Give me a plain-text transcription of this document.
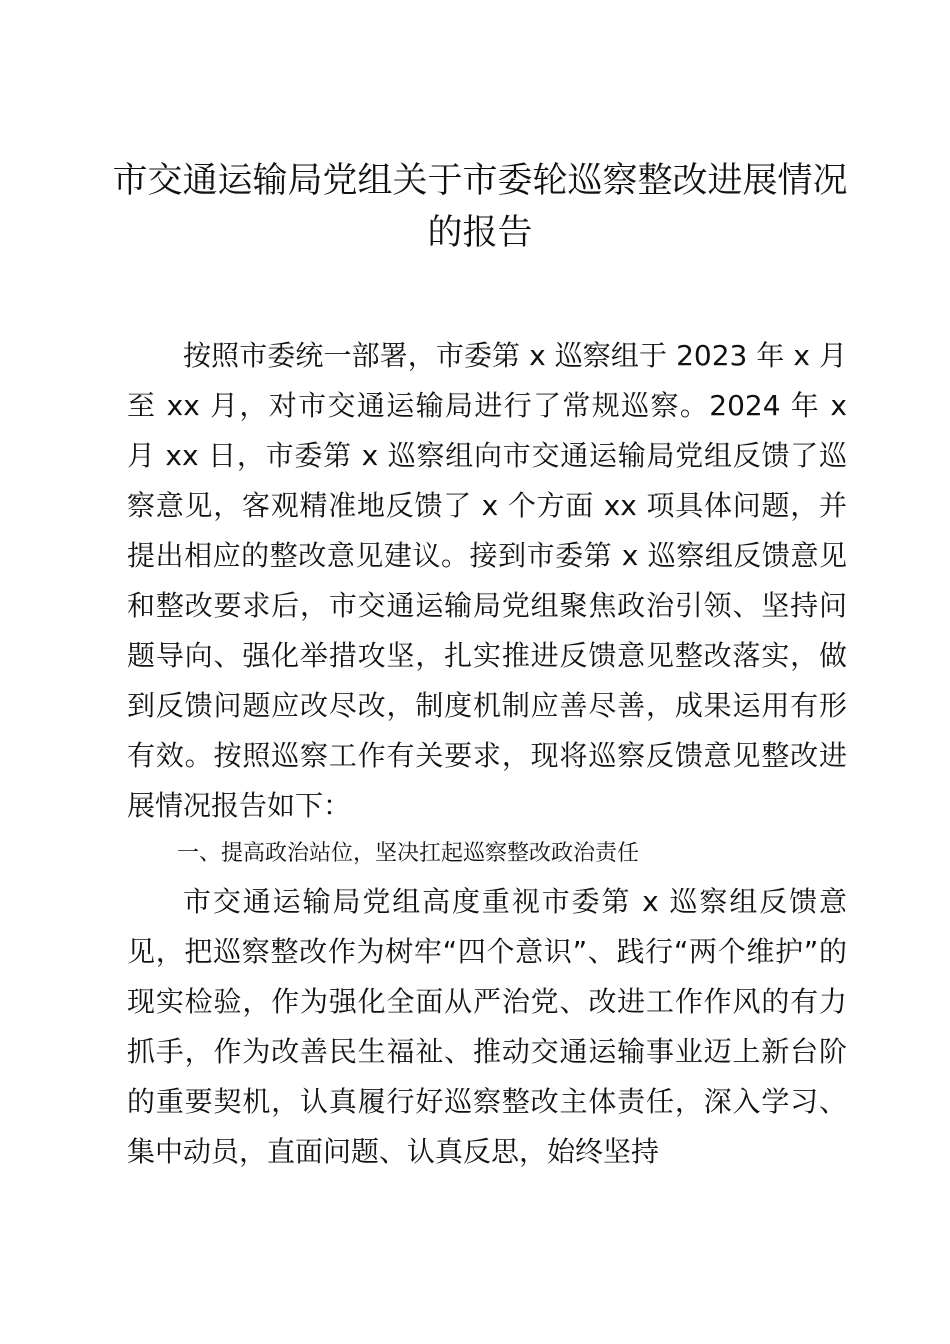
市交通运输局党组关于市委轮巡察整改进展情况的报告

按照市委统一部署，市委第 x 巡察组于 2023 年 x 月至 xx 月，对市交通运输局进行了常规巡察。2024 年 x 月 xx 日，市委第 x 巡察组向市交通运输局党组反馈了巡察意见，客观精准地反馈了 x 个方面 xx 项具体问题，并提出相应的整改意见建议。接到市委第 x 巡察组反馈意见和整改要求后，市交通运输局党组聚焦政治引领、坚持问题导向、强化举措攻坚，扎实推进反馈意见整改落实，做到反馈问题应改尽改，制度机制应善尽善，成果运用有形有效。按照巡察工作有关要求，现将巡察反馈意见整改进展情况报告如下：

一、提高政治站位，坚决扛起巡察整改政治责任

市交通运输局党组高度重视市委第 x 巡察组反馈意见，把巡察整改作为树牢“四个意识”、践行“两个维护”的现实检验，作为强化全面从严治党、改进工作作风的有力抓手，作为改善民生福祉、推动交通运输事业迈上新台阶的重要契机，认真履行好巡察整改主体责任，深入学习、集中动员，直面问题、认真反思，始终坚持
